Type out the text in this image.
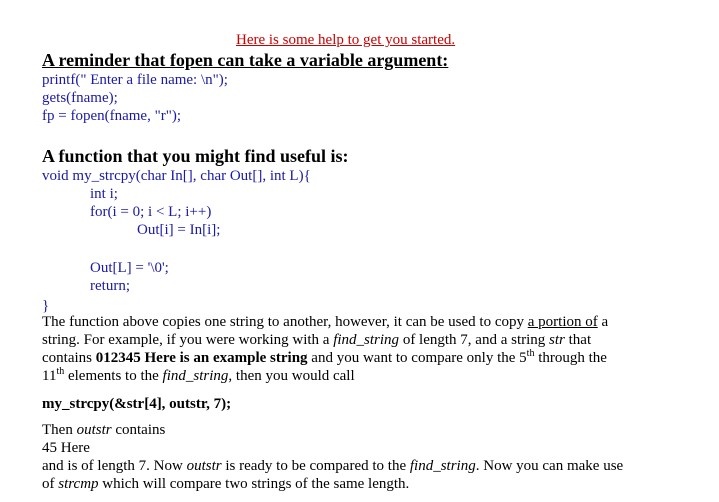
Here is some help to get you started.
A reminder that fopen can take a variable argument:
printf(" Enter a file name: \n");
gets(fname);
fp = fopen(fname, "r");
A function that you might find useful is:
void my_strcpy(char In[], char Out[], int L){
int i;
for(i = 0; i < L; i++)
Out[i] = In[i];
Out[L] = '\0';
return;
}
The function above copies one string to another, however, it can be used to copy a portion of a
string. For example, if you were working with a find_string of length 7, and a string str that
contains 012345 Here is an example string and you want to compare only the 5th through the
11th elements to the find_string, then you would call
my_strcpy(&str[4], outstr, 7);
Then outstr contains
45 Here
and is of length 7. Now outstr is ready to be compared to the find_string. Now you can make use
of strcmp which will compare two strings of the same length.
